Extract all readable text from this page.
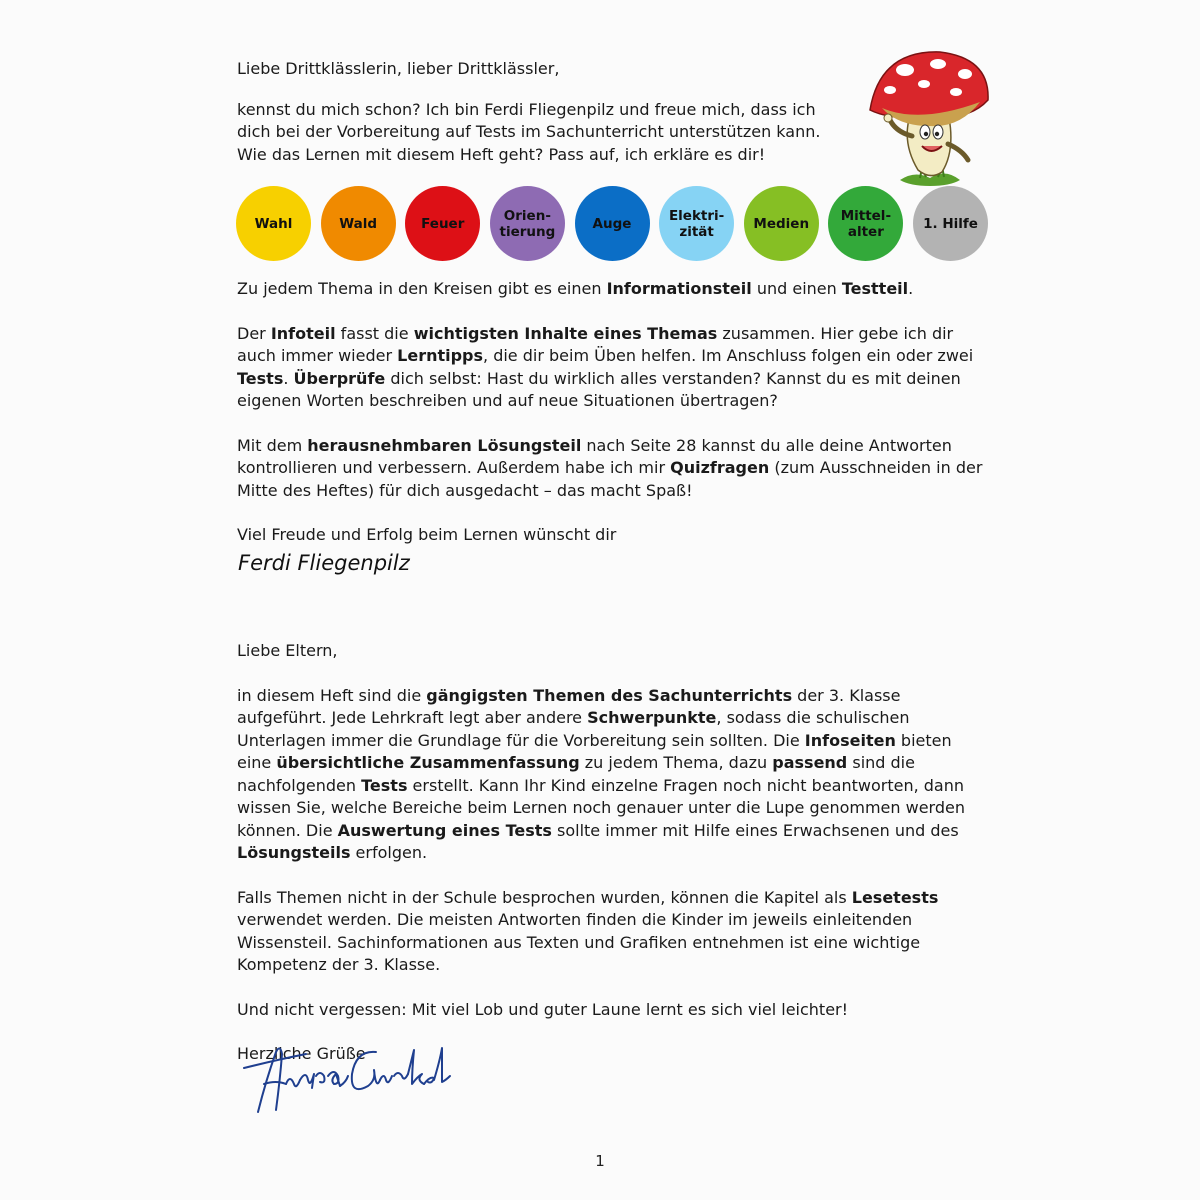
Liebe Drittklässlerin, lieber Drittklässler,

kennst du mich schon? Ich bin Ferdi Fliegenpilz und freue mich, dass ich
dich bei der Vorbereitung auf Tests im Sachunterricht unterstützen kann.
Wie das Lernen mit diesem Heft geht? Pass auf, ich erkläre es dir!

Zu jedem Thema in den Kreisen gibt es einen Informationsteil und einen Testteil.

Der Infoteil fasst die wichtigsten Inhalte eines Themas zusammen. Hier gebe ich dir auch immer wieder Lerntipps, die dir beim Üben helfen. Im Anschluss folgen ein oder zwei Tests. Überprüfe dich selbst: Hast du wirklich alles verstanden? Kannst du es mit deinen eigenen Worten beschreiben und auf neue Situationen übertragen?

Mit dem herausnehmbaren Lösungsteil nach Seite 28 kannst du alle deine Antworten kontrollieren und verbessern. Außerdem habe ich mir Quizfragen (zum Ausschneiden in der Mitte des Heftes) für dich ausgedacht – das macht Spaß!

Viel Freude und Erfolg beim Lernen wünscht dir

Wahl	Wald	Feuer	Orien-
tierung	Auge	Elektri-
zität	Medien Mittel-
alter	1. Hilfe
Ferdi Fliegenpilz

Liebe Eltern,

in diesem Heft sind die gängigsten Themen des Sachunterrichts der 3. Klasse aufgeführt. Jede Lehrkraft legt aber andere Schwerpunkte, sodass die schulischen Unterlagen immer die Grundlage für die Vorbereitung sein sollten. Die Infoseiten bieten eine übersichtliche Zusammenfassung zu jedem Thema, dazu passend sind die nachfolgenden Tests erstellt. Kann Ihr Kind einzelne Fragen noch nicht beantworten, dann wissen Sie, welche Bereiche beim Lernen noch genauer unter die Lupe genommen werden können. Die Auswertung eines Tests sollte immer mit Hilfe eines Erwachsenen und des Lösungsteils erfolgen.

Falls Themen nicht in der Schule besprochen wurden, können die Kapitel als Lesetests verwendet werden. Die meisten Antworten finden die Kinder im jeweils einleitenden Wissensteil. Sachinformationen aus Texten und Grafiken entnehmen ist eine wichtige Kompetenz der 3. Klasse.

Und nicht vergessen: Mit viel Lob und guter Laune lernt es sich viel leichter!

Herzliche Grüße

1
